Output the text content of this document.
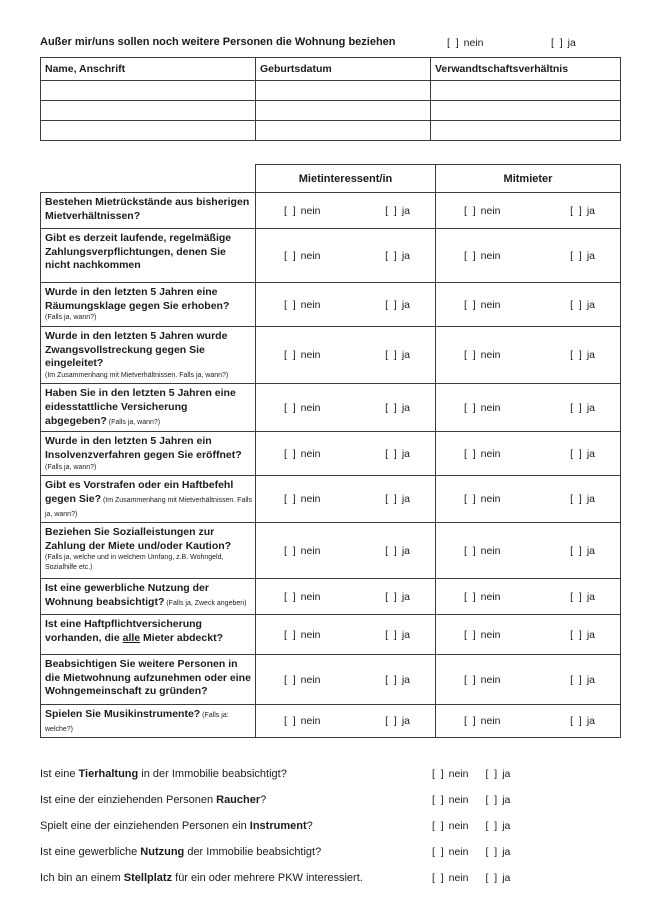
Außer mir/uns sollen noch weitere Personen die Wohnung beziehen	[  ] nein	[  ] ja
Name, Anschrift	Geburtsdatum	Verwandtschaftsverhältnis

	Mietinteressent/in	Mitmieter
Bestehen Mietrückstände aus bisherigen Mietverhältnissen?	[  ] nein [  ] ja	[  ] nein [  ] ja

Gibt es derzeit laufende, regelmäßige Zahlungsverpflichtungen, denen Sie nicht nachkommen	[  ] nein [  ] ja	[  ] nein [  ] ja

Wurde in den letzten 5 Jahren eine Räumungsklage gegen Sie erhoben?
(Falls ja, wann?)	[  ] nein [  ] ja	[  ] nein [  ] ja

Wurde in den letzten 5 Jahren wurde Zwangsvollstreckung gegen Sie eingeleitet?
(Im Zusammenhang mit Mietverhältnissen. Falls ja, wann?)	[  ] nein [  ] ja	[  ] nein [  ] ja

Haben Sie in den letzten 5 Jahren eine eidesstattliche Versicherung abgegeben? (Falls ja, wann?)	[  ] nein [  ] ja	[  ] nein [  ] ja

Wurde in den letzten 5 Jahren ein Insolvenzverfahren gegen Sie eröffnet?
(Falls ja, wann?)	[  ] nein [  ] ja	[  ] nein [  ] ja

Gibt es Vorstrafen oder ein Haftbefehl gegen Sie? (Im Zusammenhang mit Mietverhältnissen. Falls ja, wann?)	[  ] nein [  ] ja	[  ] nein [  ] ja

Beziehen Sie Sozialleistungen zur Zahlung der Miete und/oder Kaution?
(Falls ja, welche und in welchem Umfang, z.B. Wohngeld, Sozialhilfe etc.)	[  ] nein [  ] ja	[  ] nein [  ] ja

Ist eine gewerbliche Nutzung der Wohnung beabsichtigt? (Falls ja, Zweck angeben)	[  ] nein [  ] ja	[  ] nein [  ] ja

Ist eine Haftpflichtversicherung vorhanden, die alle Mieter abdeckt?	[  ] nein [  ] ja	[  ] nein [  ] ja

Beabsichtigen Sie weitere Personen in die Mietwohnung aufzunehmen oder eine Wohngemeinschaft zu gründen?	[  ] nein [  ] ja	[  ] nein [  ] ja

Spielen Sie Musikinstrumente? (Falls ja: welche?)	[  ] nein [  ] ja	[  ] nein [  ] ja
Ist eine Tierhaltung in der Immobilie beabsichtigt?	[  ] nein [  ] ja
Ist eine der einziehenden Personen Raucher?	[  ] nein [  ] ja
Spielt eine der einziehenden Personen ein Instrument?	[  ] nein [  ] ja
Ist eine gewerbliche Nutzung der Immobilie beabsichtigt?	[  ] nein [  ] ja
Ich bin an einem Stellplatz für ein oder mehrere PKW interessiert.	[  ] nein [  ] ja
